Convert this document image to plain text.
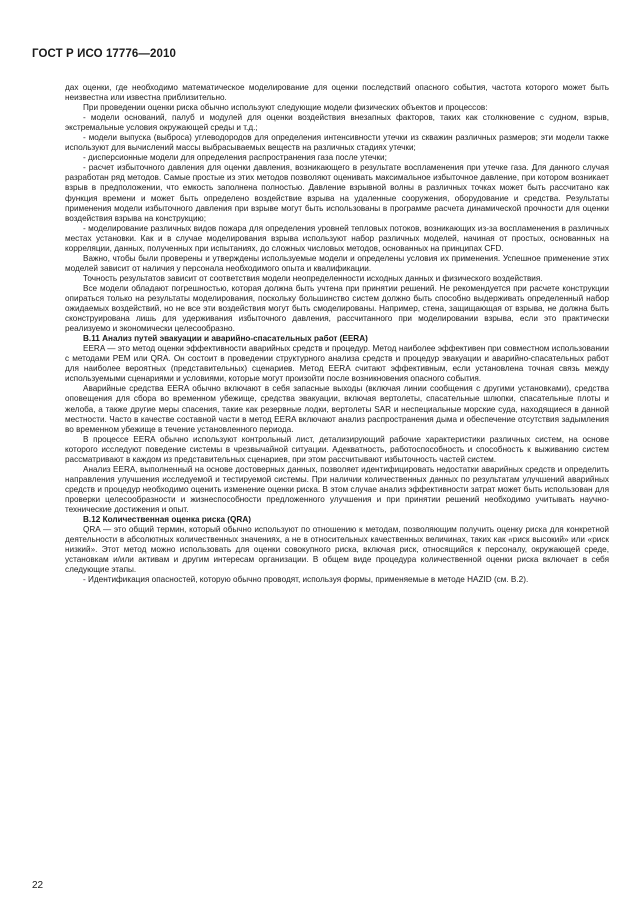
ГОСТ Р ИСО 17776—2010

дах оценки, где необходимо математическое моделирование для оценки последствий опасного события, частота которого может быть неизвестна или известна приблизительно.

При проведении оценки риска обычно используют следующие модели физических объектов и процессов:

- модели оснований, палуб и модулей для оценки воздействия внезапных факторов, таких как столкновение с судном, взрыв, экстремальные условия окружающей среды и т.д.;

- модели выпуска (выброса) углеводородов для определения интенсивности утечки из скважин различных размеров; эти модели также используют для вычислений массы выбрасываемых веществ на различных стадиях утечки;

- дисперсионные модели для определения распространения газа после утечки;

- расчет избыточного давления для оценки давления, возникающего в результате воспламенения при утечке газа. Для данного случая разработан ряд методов. Самые простые из этих методов позволяют оценивать максимальное избыточное давление, при котором возникает взрыв в предположении, что емкость заполнена полностью. Давление взрывной волны в различных точках может быть рассчитано как функция времени и может быть определено воздействие взрыва на удаленные сооружения, оборудование и средства. Результаты применения модели избыточного давления при взрыве могут быть использованы в программе расчета динамической прочности для оценки воздействия взрыва на конструкцию;

- моделирование различных видов пожара для определения уровней тепловых потоков, возникающих из-за воспламенения в различных местах установки. Как и в случае моделирования взрыва используют набор различных моделей, начиная от простых, основанных на корреляции, данных, полученных при испытаниях, до сложных числовых методов, основанных на принципах CFD.

Важно, чтобы были проверены и утверждены используемые модели и определены условия их применения. Успешное применение этих моделей зависит от наличия у персонала необходимого опыта и квалификации.

Точность результатов зависит от соответствия модели неопределенности исходных данных и физического воздействия.

Все модели обладают погрешностью, которая должна быть учтена при принятии решений. Не рекомендуется при расчете конструкции опираться только на результаты моделирования, поскольку большинство систем должно быть способно выдерживать определенный набор ожидаемых воздействий, но не все эти воздействия могут быть смоделированы. Например, стена, защищающая от взрыва, не должна быть сконструирована лишь для удерживания избыточного давления, рассчитанного при моделировании взрыва, если это практически реализуемо и экономически целесообразно.

В.11 Анализ путей эвакуации и аварийно-спасательных работ (EERA)

EERA — это метод оценки эффективности аварийных средств и процедур. Метод наиболее эффективен при совместном использовании с методами PEM или QRA. Он состоит в проведении структурного анализа средств и процедур эвакуации и аварийно-спасательных работ для наиболее вероятных (представительных) сценариев. Метод EERA считают эффективным, если установлена точная связь между используемыми сценариями и условиями, которые могут произойти после возникновения опасного события.

Аварийные средства EERA обычно включают в себя запасные выходы (включая линии сообщения с другими установками), средства оповещения для сбора во временном убежище, средства эвакуации, включая вертолеты, спасательные шлюпки, спасательные плоты и желоба, а также другие меры спасения, такие как резервные лодки, вертолеты SAR и неспециальные морские суда, находящиеся в данной местности. Часто в качестве составной части в метод EERA включают анализ распространения дыма и обеспечение отсутствия задымления во временном убежище в течение установленного периода.

В процессе EERA обычно используют контрольный лист, детализирующий рабочие характеристики различных систем, на основе которого исследуют поведение системы в чрезвычайной ситуации. Адекватность, работоспособность и способность к выживанию систем рассматривают в каждом из представительных сценариев, при этом рассчитывают избыточность частей систем.

Анализ EERA, выполненный на основе достоверных данных, позволяет идентифицировать недостатки аварийных средств и определить направления улучшения исследуемой и тестируемой системы. При наличии количественных данных по результатам улучшений аварийных средств и процедур необходимо оценить изменение оценки риска. В этом случае анализ эффективности затрат может быть использован для проверки целесообразности и жизнеспособности предложенного улучшения и при принятии решений необходимо учитывать научно-технические достижения и опыт.

В.12 Количественная оценка риска (QRA)

QRA — это общий термин, который обычно используют по отношению к методам, позволяющим получить оценку риска для конкретной деятельности в абсолютных количественных значениях, а не в относительных качественных величинах, таких как «риск высокий» или «риск низкий». Этот метод можно использовать для оценки совокупного риска, включая риск, относящийся к персоналу, окружающей среде, установкам и/или активам и другим интересам организации. В общем виде процедура количественной оценки риска включает в себя следующие этапы.

- Идентификация опасностей, которую обычно проводят, используя формы, применяемые в методе HAZID (см. В.2).

22
